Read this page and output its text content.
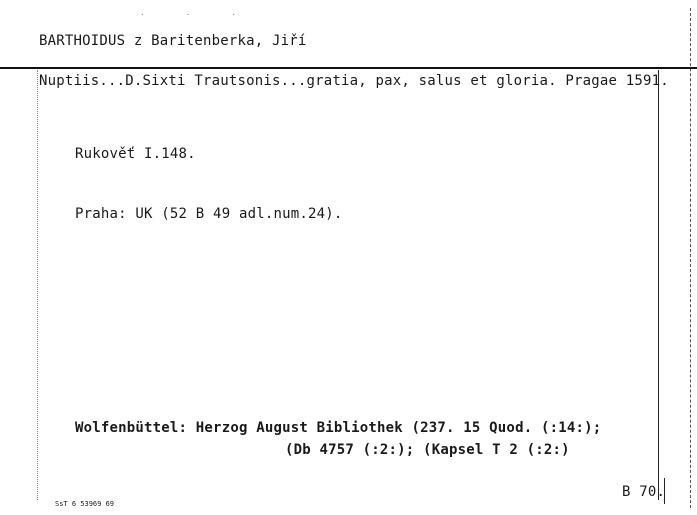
· · ·
BARTHOIDUS z Baritenberka, Jiří
Nuptiis...D.Sixti Trautsonis...gratia, pax, salus et gloria. Pragae 1591.
Rukověť I.148.
Praha: UK (52 B 49 adl.num.24).
Wolfenbüttel: Herzog August Bibliothek (237. 15 Quod. (:14:);
(Db 4757 (:2:); (Kapsel T 2 (:2:)
B 70.
SsT 6 53969 69
